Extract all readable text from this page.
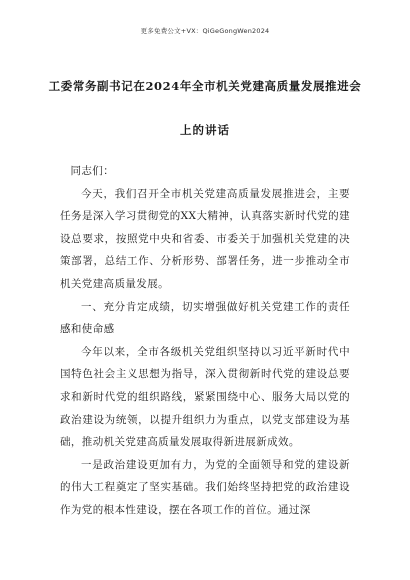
更多免费公文+VX：QiGeGongWen2024
工委常务副书记在2024年全市机关党建高质量发展推进会
上的讲话

同志们：

今天，我们召开全市机关党建高质量发展推进会，主要任务是深入学习贯彻党的XX大精神，认真落实新时代党的建设总要求，按照党中央和省委、市委关于加强机关党建的决策部署，总结工作、分析形势、部署任务，进一步推动全市机关党建高质量发展。

一、充分肯定成绩，切实增强做好机关党建工作的责任感和使命感

今年以来，全市各级机关党组织坚持以习近平新时代中国特色社会主义思想为指导，深入贯彻新时代党的建设总要求和新时代党的组织路线，紧紧围绕中心、服务大局以党的政治建设为统领，以提升组织力为重点，以党支部建设为基础，推动机关党建高质量发展取得新进展新成效。

一是政治建设更加有力，为党的全面领导和党的建设新的伟大工程奠定了坚实基础。我们始终坚持把党的政治建设作为党的根本性建设，摆在各项工作的首位。通过深
